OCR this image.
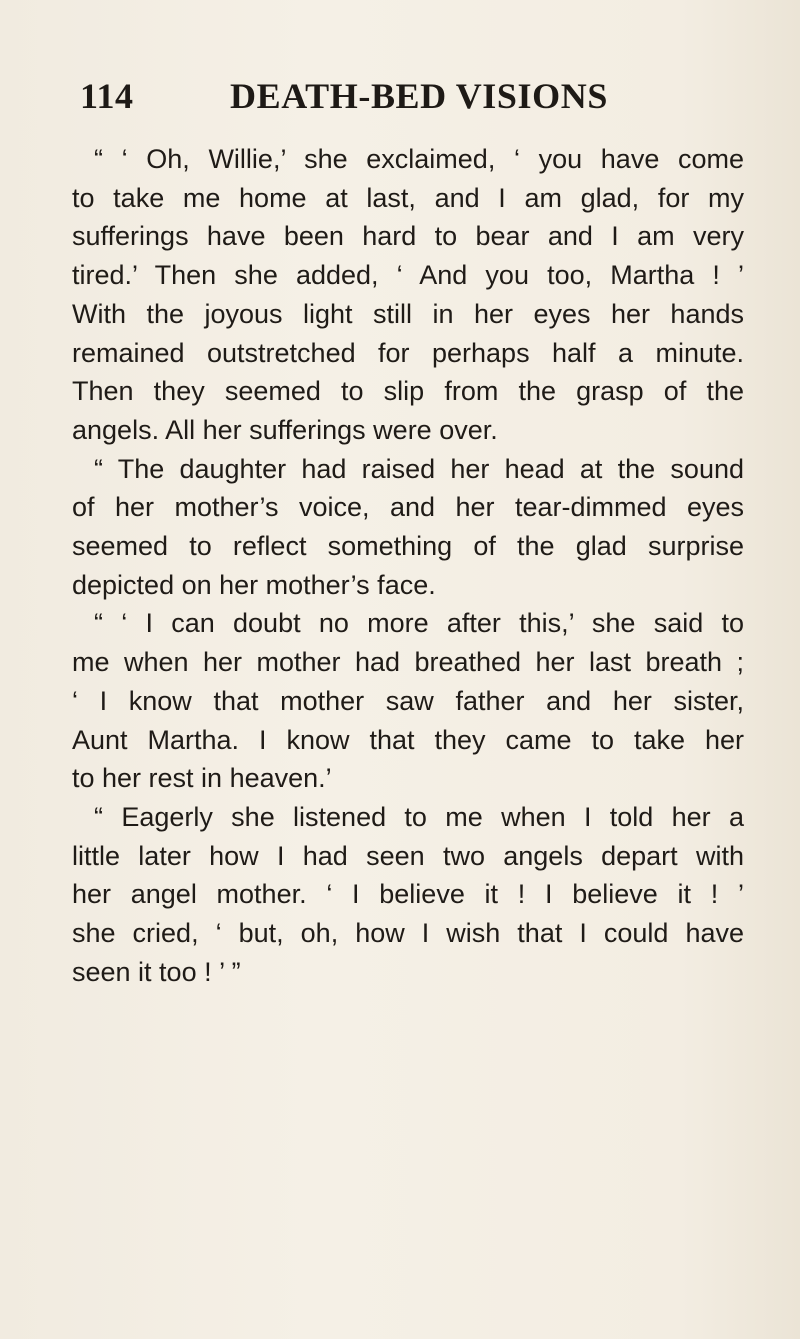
114	DEATH-BED VISIONS
“ ‘ Oh, Willie,’ she exclaimed, ‘ you have come
to take me home at last, and I am glad, for my
sufferings have been hard to bear and I am very
tired.’ Then she added, ‘ And you too, Martha ! ’
With the joyous light still in her eyes her hands
remained outstretched for perhaps half a minute.
Then they seemed to slip from the grasp of the
angels. All her sufferings were over.
“ The daughter had raised her head at the sound
of her mother’s voice, and her tear-dimmed eyes
seemed to reflect something of the glad surprise
depicted on her mother’s face.
“ ‘ I can doubt no more after this,’ she said to
me when her mother had breathed her last breath ;
‘ I know that mother saw father and her sister,
Aunt Martha. I know that they came to take her
to her rest in heaven.’
“ Eagerly she listened to me when I told her a
little later how I had seen two angels depart with
her angel mother. ‘ I believe it ! I believe it ! ’
she cried, ‘ but, oh, how I wish that I could have
seen it too ! ’ ”
